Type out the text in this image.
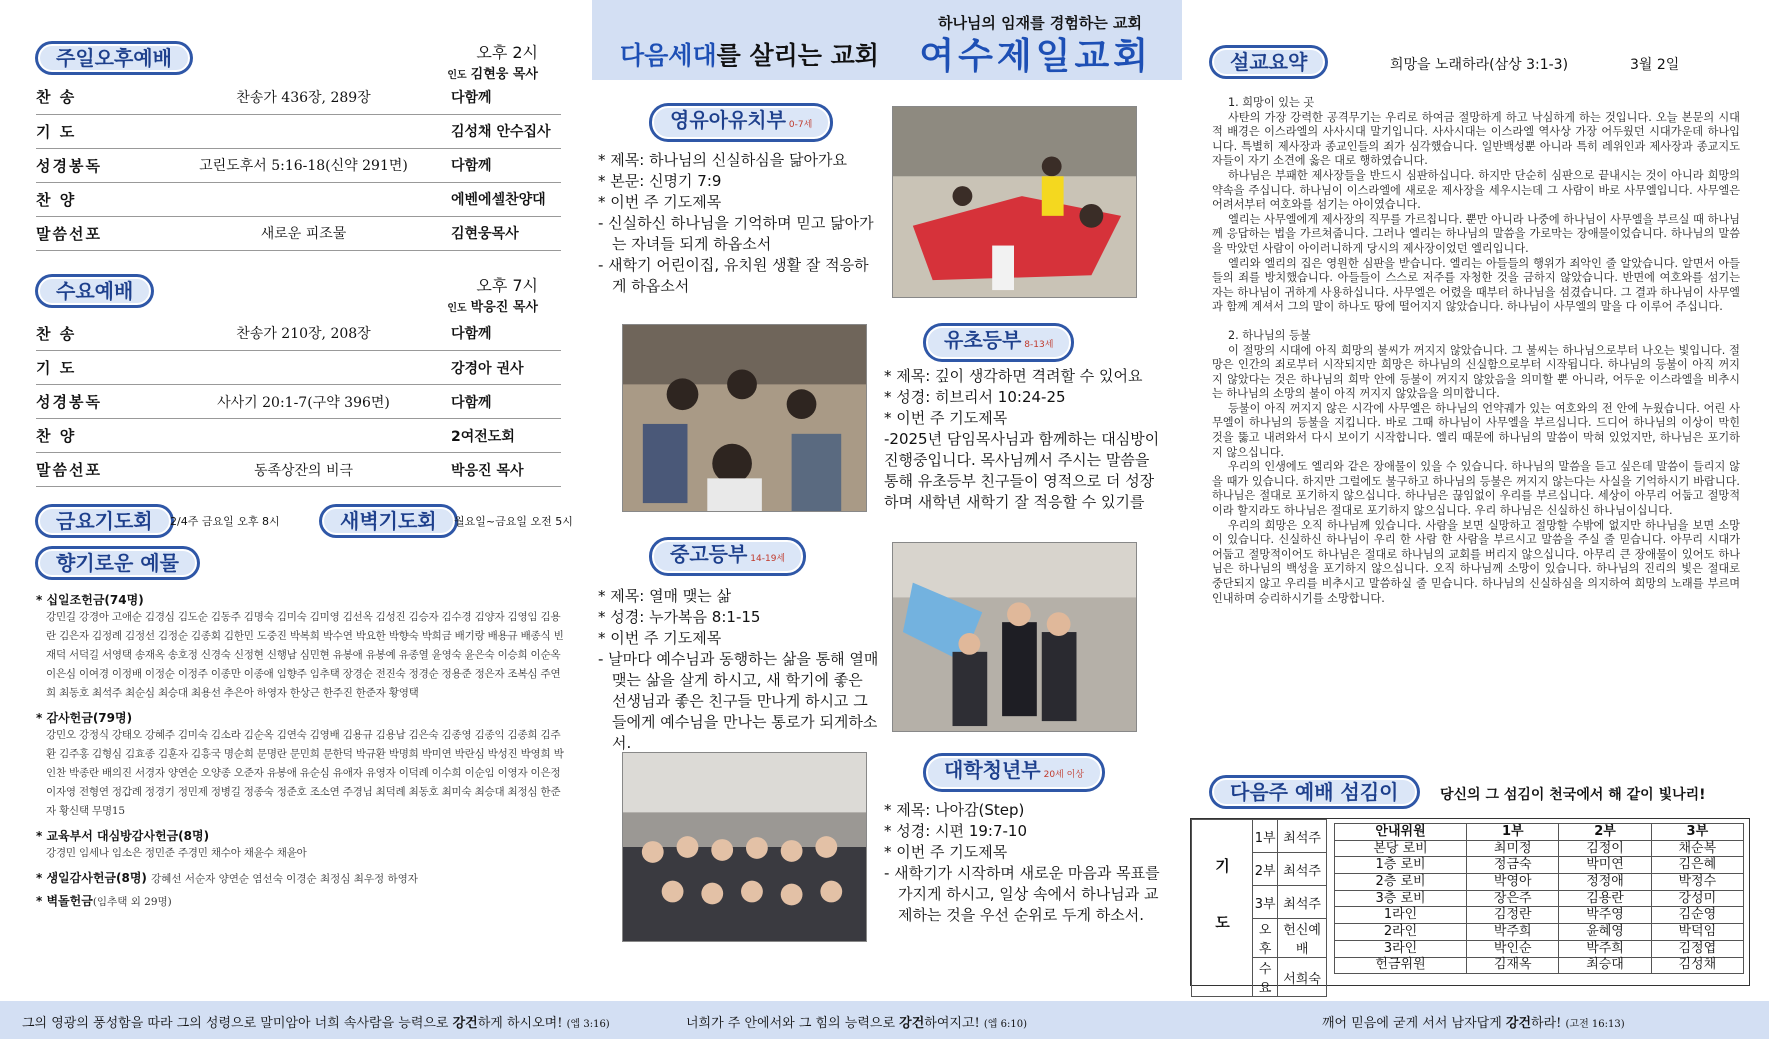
주일오후예배	오후 2시
인도 김현웅 목사
찬 송	찬송가 436장, 289장	다함께
기 도		김성채 안수집사
성경봉독	고린도후서 5:16-18(신약 291면)	다함께
찬 양		에벤에셀찬양대
말씀선포	새로운 피조물	김현웅목사
수요예배	오후 7시
인도 박응진 목사
찬 송	찬송가 210장, 208장	다함께
기 도		강경아 권사
성경봉독	사사기 20:1-7(구약 396면)	다함께
찬 양		2여전도회
말씀선포	동족상잔의 비극	박응진 목사
금요기도회	2/4주 금요일 오후 8시	새벽기도회	월요일~금요일 오전 5시
향기로운 예물
* 십일조헌금(74명)
강민길 강경아 고애순 김경심 김도순 김동주 김명숙 김미숙 김미영 김선옥 김성진 김승자 김수경 김양자 김영임 김용란 김은자 김정례 김정선 김정순 김종회 김한민 도중진 박복희 박수연 박요한 박향숙 박희금 배기랑 배용규 배종식 빈재덕 서덕길 서영택 송재옥 송호정 신경숙 신정현 신행남 심민현 유봉애 유봉예 유종열 윤영숙 윤은숙 이승희 이순옥 이은심 이여경 이정배 이정순 이정주 이종만 이종애 임향주 임추택 장경순 전진숙 정경순 정용준 정은자 조복심 주연희 최동호 최석주 최순심 최승대 최용선 추은아 하영자 한상근 한주진 한준자 황영택
* 감사헌금(79명)
강민오 강정식 강태오 강혜주 김미숙 김소라 김순옥 김연숙 김영배 김용규 김용남 김은숙 김종영 김종익 김종희 김주환 김주홍 김형심 김효종 김훈자 김흥국 명순희 문명란 문민희 문한덕 박규환 박명희 박미연 박란심 박성진 박영희 박인찬 박종란 배의진 서경자 양연순 오양종 오준자 유봉애 유순심 유애자 유영자 이덕례 이수희 이순임 이영자 이은정 이자영 전형연 정갑례 정경기 정민제 정병길 정종숙 정준호 조소연 주경님 최덕례 최동호 최미숙 최승대 최정심 한준자 황신택 무명15
* 교육부서 대심방감사헌금(8명)
강경민 임세나 임소은 정민준 주경민 채수아 채윤수 채윤아
* 생일감사헌금(8명) 강혜선 서순자 양연순 염선숙 이경순 최정심 최우정 하영자
* 벽돌헌금(임추택 외 29명)
하나님의 임재를 경험하는 교회
다음세대를 살리는 교회 여수제일교회
영유아유치부 0-7세
* 제목: 하나님의 신실하심을 닮아가요
* 본문: 신명기 7:9
* 이번 주 기도제목
- 신실하신 하나님을 기억하며 믿고 닮아가는 자녀들 되게 하옵소서
- 새학기 어린이집, 유치원 생활 잘 적응하게 하옵소서
유초등부 8-13세
* 제목: 깊이 생각하면 격려할 수 있어요
* 성경: 히브리서 10:24-25
* 이번 주 기도제목
-2025년 담임목사님과 함께하는 대심방이 진행중입니다. 목사님께서 주시는 말씀을 통해 유초등부 친구들이 영적으로 더 성장하며 새학년 새학기 잘 적응할 수 있기를
중고등부 14-19세
* 제목: 열매 맺는 삶
* 성경: 누가복음 8:1-15
* 이번 주 기도제목
- 날마다 예수님과 동행하는 삶을 통해 열매 맺는 삶을 살게 하시고, 새 학기에 좋은 선생님과 좋은 친구들 만나게 하시고 그들에게 예수님을 만나는 통로가 되게하소서.
대학청년부 20세 이상
* 제목: 나아감(Step)
* 성경: 시편 19:7-10
* 이번 주 기도제목
- 새학기가 시작하며 새로운 마음과 목표를 가지게 하시고, 일상 속에서 하나님과 교제하는 것을 우선 순위로 두게 하소서.
설교요약	희망을 노래하라(삼상 3:1-3)	3월 2일
1. 희망이 있는 곳

사탄의 가장 강력한 공격무기는 우리로 하여금 절망하게 하고 낙심하게 하는 것입니다. 오늘 본문의 시대적 배경은 이스라엘의 사사시대 말기입니다. 사사시대는 이스라엘 역사상 가장 어두웠던 시대가운데 하나입니다. 특별히 제사장과 종교인들의 죄가 심각했습니다. 일반백성뿐 아니라 특히 레위인과 제사장과 종교지도자들이 자기 소견에 옳은 대로 행하였습니다.

하나님은 부패한 제사장들을 반드시 심판하십니다. 하지만 단순히 심판으로 끝내시는 것이 아니라 희망의 약속을 주십니다. 하나님이 이스라엘에 새로운 제사장을 세우시는데 그 사람이 바로 사무엘입니다. 사무엘은 어려서부터 여호와를 섬기는 아이였습니다.

엘리는 사무엘에게 제사장의 직무를 가르칩니다. 뿐만 아니라 나중에 하나님이 사무엘을 부르실 때 하나님께 응답하는 법을 가르쳐줍니다. 그러나 엘리는 하나님의 말씀을 가로막는 장애물이었습니다. 하나님의 말씀을 막았던 사람이 아이러니하게 당시의 제사장이었던 엘리입니다.

엘리와 엘리의 집은 영원한 심판을 받습니다. 엘리는 아들들의 행위가 죄악인 줄 알았습니다. 알면서 아들들의 죄를 방치했습니다. 아들들이 스스로 저주를 자청한 것을 금하지 않았습니다. 반면에 여호와를 섬기는 자는 하나님이 귀하게 사용하십니다. 사무엘은 어렸을 때부터 하나님을 섬겼습니다. 그 결과 하나님이 사무엘과 함께 계셔서 그의 말이 하나도 땅에 떨어지지 않았습니다. 하나님이 사무엘의 말을 다 이루어 주십니다.

2. 하나님의 등불

이 절망의 시대에 아직 희망의 불씨가 꺼지지 않았습니다. 그 불씨는 하나님으로부터 나오는 빛입니다. 절망은 인간의 죄로부터 시작되지만 희망은 하나님의 신실함으로부터 시작됩니다. 하나님의 등불이 아직 꺼지지 않았다는 것은 하나님의 희막 안에 등불이 꺼지지 않았음을 의미할 뿐 아니라, 어두운 이스라엘을 비추시는 하나님의 소망의 불이 아직 꺼지지 않았음을 의미합니다.

등불이 아직 꺼지지 않은 시각에 사무엘은 하나님의 언약궤가 있는 여호와의 전 안에 누웠습니다. 어린 사무엘이 하나님의 등불을 지킵니다. 바로 그때 하나님이 사무엘을 부르십니다. 드디어 하나님의 이상이 막힌 것을 뚫고 내려와서 다시 보이기 시작합니다. 엘리 때문에 하나님의 말씀이 막혀 있었지만, 하나님은 포기하지 않으십니다.

우리의 인생에도 엘리와 같은 장애물이 있을 수 있습니다. 하나님의 말씀을 듣고 싶은데 말씀이 들리지 않을 때가 있습니다. 하지만 그럴에도 불구하고 하나님의 등불은 꺼지지 않는다는 사실을 기억하시기 바랍니다. 하나님은 절대로 포기하지 않으십니다. 하나님은 끊임없이 우리를 부르십니다. 세상이 아무리 어둡고 절망적이라 할지라도 하나님은 절대로 포기하지 않으십니다. 우리 하나님은 신실하신 하나님이십니다.

우리의 희망은 오직 하나님께 있습니다. 사람을 보면 실망하고 절망할 수밖에 없지만 하나님을 보면 소망이 있습니다. 신실하신 하나님이 우리 한 사람 한 사람을 부르시고 말씀을 주실 줄 믿습니다. 아무리 시대가 어둡고 절망적이어도 하나님은 절대로 하나님의 교회를 버리지 않으십니다. 아무리 큰 장애물이 있어도 하나님은 하나님의 백성을 포기하지 않으십니다. 오직 하나님께 소망이 있습니다. 하나님의 진리의 빛은 절대로 중단되지 않고 우리를 비추시고 말씀하실 줄 믿습니다. 하나님의 신실하심을 의지하여 희망의 노래를 부르며 인내하며 승리하시기를 소망합니다.

다음주 예배 섬김이	당신의 그 섬김이 천국에서 해 같이 빛나리!
기 도	1부	최석주
	2부	최석주
	3부	최석주
	오후	헌신예배
	수요	서희숙
안내위원	1부	2부	3부
본당 로비	최미정	김정이	채순복
1층 로비	정금숙	박미연	김은혜
2층 로비	박영아	정정애	박정수
3층 로비	장은주	김용란	강성미
1라인	김정란	박주영	김순영
2라인	박주희	윤혜영	박덕임
3라인	박인순	박주희	김정엽
헌금위원	김재옥	최승대	김성채
그의 영광의 풍성함을 따라 그의 성령으로 말미암아 너희 속사람을 능력으로 강건하게 하시오며! (엡 3:16)	너희가 주 안에서와 그 힘의 능력으로 강건하여지고! (엡 6:10)	깨어 믿음에 굳게 서서 남자답게 강건하라! (고전 16:13)
